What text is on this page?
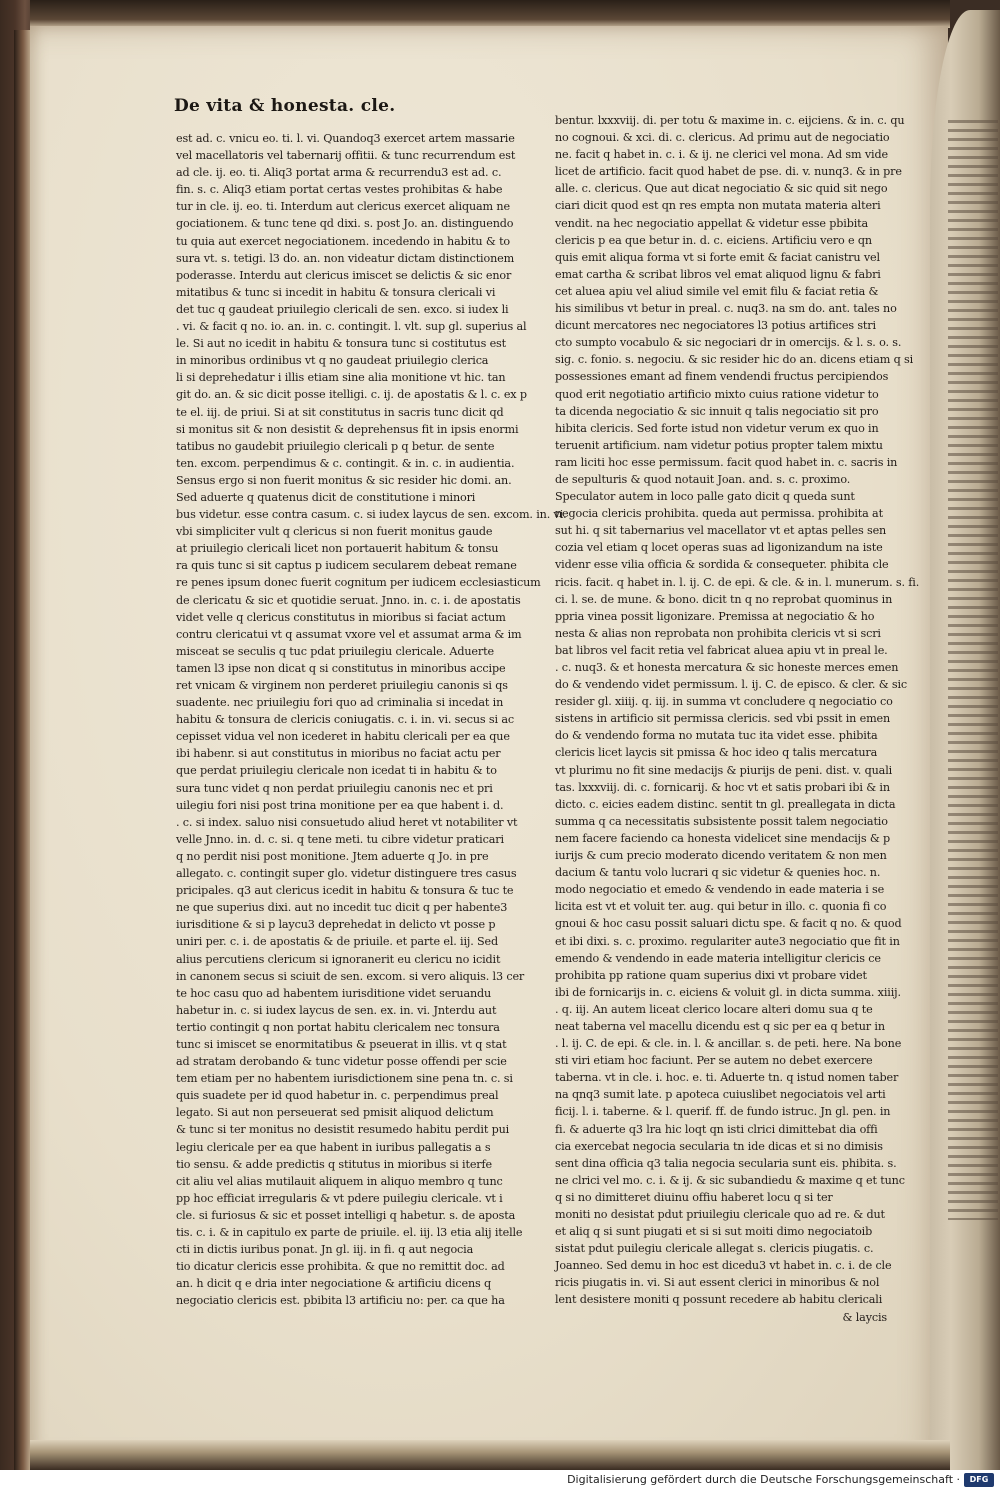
De vita & honesta. cle.
est ad. c. vnicu eo. ti. l. vi. Quandoq3 exercet artem massarie
vel macellatoris vel tabernarij offitii. & tunc recurrendum est
ad cle. ij. eo. ti. Aliq3 portat arma & recurrendu3 est ad. c.
fin. s. c. Aliq3 etiam portat certas vestes prohibitas & habe
tur in cle. ij. eo. ti. Interdum aut clericus exercet aliquam ne
gociationem. & tunc tene qd dixi. s. post Jo. an. distinguendo
tu quia aut exercet negociationem. incedendo in habitu & to
sura vt. s. tetigi. l3 do. an. non videatur dictam distinctionem
poderasse. Interdu aut clericus imiscet se delictis & sic enor
mitatibus & tunc si incedit in habitu & tonsura clericali vi
det tuc q gaudeat priuilegio clericali de sen. exco. si iudex li
. vi. & facit q no. io. an. in. c. contingit. l. vlt. sup gl. superius al
le. Si aut no icedit in habitu & tonsura tunc si costitutus est
in minoribus ordinibus vt q no gaudeat priuilegio clerica
li si deprehedatur i illis etiam sine alia monitione vt hic. tan
git do. an. & sic dicit posse itelligi. c. ij. de apostatis & l. c. ex p
te el. iij. de priui. Si at sit constitutus in sacris tunc dicit qd
si monitus sit & non desistit & deprehensus fit in ipsis enormi
tatibus no gaudebit priuilegio clericali p q betur. de sente
ten. excom. perpendimus & c. contingit. & in. c. in audientia.
Sensus ergo si non fuerit monitus & sic resider hic domi. an.
Sed aduerte q quatenus dicit de constitutione i minori
bus videtur. esse contra casum. c. si iudex laycus de sen. excom. in. vi.
vbi simpliciter vult q clericus si non fuerit monitus gaude
at priuilegio clericali licet non portauerit habitum & tonsu
ra quis tunc si sit captus p iudicem secularem debeat remane
re penes ipsum donec fuerit cognitum per iudicem ecclesiasticum
de clericatu & sic et quotidie seruat. Jnno. in. c. i. de apostatis
videt velle q clericus constitutus in mioribus si faciat actum
contru clericatui vt q assumat vxore vel et assumat arma & im
misceat se seculis q tuc pdat priuilegiu clericale. Aduerte
tamen l3 ipse non dicat q si constitutus in minoribus accipe
ret vnicam & virginem non perderet priuilegiu canonis si qs
suadente. nec priuilegiu fori quo ad criminalia si incedat in
habitu & tonsura de clericis coniugatis. c. i. in. vi. secus si ac
cepisset vidua vel non icederet in habitu clericali per ea que
ibi habenr. si aut constitutus in mioribus no faciat actu per
que perdat priuilegiu clericale non icedat ti in habitu & to
sura tunc videt q non perdat priuilegiu canonis nec et pri
uilegiu fori nisi post trina monitione per ea que habent i. d.
. c. si index. saluo nisi consuetudo aliud heret vt notabiliter vt
velle Jnno. in. d. c. si. q tene meti. tu cibre videtur praticari
q no perdit nisi post monitione. Jtem aduerte q Jo. in pre
allegato. c. contingit super glo. videtur distinguere tres casus
pricipales. q3 aut clericus icedit in habitu & tonsura & tuc te
ne que superius dixi. aut no incedit tuc dicit q per habente3
iurisditione & si p laycu3 deprehedat in delicto vt posse p
uniri per. c. i. de apostatis & de priuile. et parte el. iij. Sed
alius percutiens clericum si ignoranerit eu clericu no icidit
in canonem secus si sciuit de sen. excom. si vero aliquis. l3 cer
te hoc casu quo ad habentem iurisditione videt seruandu
habetur in. c. si iudex laycus de sen. ex. in. vi. Jnterdu aut
tertio contingit q non portat habitu clericalem nec tonsura
tunc si imiscet se enormitatibus & pseuerat in illis. vt q stat
ad stratam derobando & tunc videtur posse offendi per scie
tem etiam per no habentem iurisdictionem sine pena tn. c. si
quis suadete per id quod habetur in. c. perpendimus preal
legato. Si aut non perseuerat sed pmisit aliquod delictum
& tunc si ter monitus no desistit resumedo habitu perdit pui
legiu clericale per ea que habent in iuribus pallegatis a s
tio sensu. & adde predictis q stitutus in mioribus si iterfe
cit aliu vel alias mutilauit aliquem in aliquo membro q tunc
pp hoc efficiat irregularis & vt pdere puilegiu clericale. vt i
cle. si furiosus & sic et posset intelligi q habetur. s. de aposta
tis. c. i. & in capitulo ex parte de priuile. el. iij. l3 etia alij itelle
cti in dictis iuribus ponat. Jn gl. iij. in fi. q aut negocia
tio dicatur clericis esse prohibita. & que no remittit doc. ad
an. h dicit q e dria inter negociatione & artificiu dicens q
negociatio clericis est. pbibita l3 artificiu no: per. ca que ha
bentur. lxxxviij. di. per totu & maxime in. c. eijciens. & in. c. qu
no cognoui. & xci. di. c. clericus. Ad primu aut de negociatio
ne. facit q habet in. c. i. & ij. ne clerici vel mona. Ad sm vide
licet de artificio. facit quod habet de pse. di. v. nunq3. & in pre
alle. c. clericus. Que aut dicat negociatio & sic quid sit nego
ciari dicit quod est qn res empta non mutata materia alteri
vendit. na hec negociatio appellat & videtur esse pbibita
clericis p ea que betur in. d. c. eiciens. Artificiu vero e qn
quis emit aliqua forma vt si forte emit & faciat canistru vel
emat cartha & scribat libros vel emat aliquod lignu & fabri
cet aluea apiu vel aliud simile vel emit filu & faciat retia &
his similibus vt betur in preal. c. nuq3. na sm do. ant. tales no
dicunt mercatores nec negociatores l3 potius artifices stri
cto sumpto vocabulo & sic negociari dr in omercijs. & l. s. o. s.
sig. c. fonio. s. negociu. & sic resider hic do an. dicens etiam q si
possessiones emant ad finem vendendi fructus percipiendos
quod erit negotiatio artificio mixto cuius ratione videtur to
ta dicenda negociatio & sic innuit q talis negociatio sit pro
hibita clericis. Sed forte istud non videtur verum ex quo in
teruenit artificium. nam videtur potius propter talem mixtu
ram liciti hoc esse permissum. facit quod habet in. c. sacris in
de sepulturis & quod notauit Joan. and. s. c. proximo.
Speculator autem in loco palle gato dicit q queda sunt
negocia clericis prohibita. queda aut permissa. prohibita at
sut hi. q sit tabernarius vel macellator vt et aptas pelles sen
cozia vel etiam q locet operas suas ad ligonizandum na iste
videnr esse vilia officia & sordida & consequeter. phibita cle
ricis. facit. q habet in. l. ij. C. de epi. & cle. & in. l. munerum. s. fi.
ci. l. se. de mune. & bono. dicit tn q no reprobat quominus in
ppria vinea possit ligonizare. Premissa at negociatio & ho
nesta & alias non reprobata non prohibita clericis vt si scri
bat libros vel facit retia vel fabricat aluea apiu vt in preal le.
. c. nuq3. & et honesta mercatura & sic honeste merces emen
do & vendendo videt permissum. l. ij. C. de episco. & cler. & sic
resider gl. xiiij. q. iij. in summa vt concludere q negociatio co
sistens in artificio sit permissa clericis. sed vbi pssit in emen
do & vendendo forma no mutata tuc ita videt esse. phibita
clericis licet laycis sit pmissa & hoc ideo q talis mercatura
vt plurimu no fit sine medacijs & piurijs de peni. dist. v. quali
tas. lxxxviij. di. c. fornicarij. & hoc vt et satis probari ibi & in
dicto. c. eicies eadem distinc. sentit tn gl. preallegata in dicta
summa q ca necessitatis subsistente possit talem negociatio
nem facere faciendo ca honesta videlicet sine mendacijs & p
iurijs & cum precio moderato dicendo veritatem & non men
dacium & tantu volo lucrari q sic videtur & quenies hoc. n.
modo negociatio et emedo & vendendo in eade materia i se
licita est vt et voluit ter. aug. qui betur in illo. c. quonia fi co
gnoui & hoc casu possit saluari dictu spe. & facit q no. & quod
et ibi dixi. s. c. proximo. regulariter aute3 negociatio que fit in
emendo & vendendo in eade materia intelligitur clericis ce
prohibita pp ratione quam superius dixi vt probare videt
ibi de fornicarijs in. c. eiciens & voluit gl. in dicta summa. xiiij.
. q. iij. An autem liceat clerico locare alteri domu sua q te
neat taberna vel macellu dicendu est q sic per ea q betur in
. l. ij. C. de epi. & cle. in. l. & ancillar. s. de peti. here. Na bone
sti viri etiam hoc faciunt. Per se autem no debet exercere
taberna. vt in cle. i. hoc. e. ti. Aduerte tn. q istud nomen taber
na qnq3 sumit late. p apoteca cuiuslibet negociatois vel arti
ficij. l. i. taberne. & l. querif. ff. de fundo istruc. Jn gl. pen. in
fi. & aduerte q3 lra hic loqt qn isti clrici dimittebat dia offi
cia exercebat negocia secularia tn ide dicas et si no dimisis
sent dina officia q3 talia negocia secularia sunt eis. phibita. s.
ne clrici vel mo. c. i. & ij. & sic subandiedu & maxime q et tunc
q si no dimitteret diuinu offiu haberet locu q si ter
moniti no desistat pdut priuilegiu clericale quo ad re. & dut
et aliq q si sunt piugati et si si sut moiti dimo negociatoib
sistat pdut puilegiu clericale allegat s. clericis piugatis. c.
Joanneo. Sed demu in hoc est dicedu3 vt habet in. c. i. de cle
ricis piugatis in. vi. Si aut essent clerici in minoribus & nol
lent desistere moniti q possunt recedere ab habitu clericali
& laycis
Digitalisierung gefördert durch die Deutsche Forschungsgemeinschaft ·	DFG
